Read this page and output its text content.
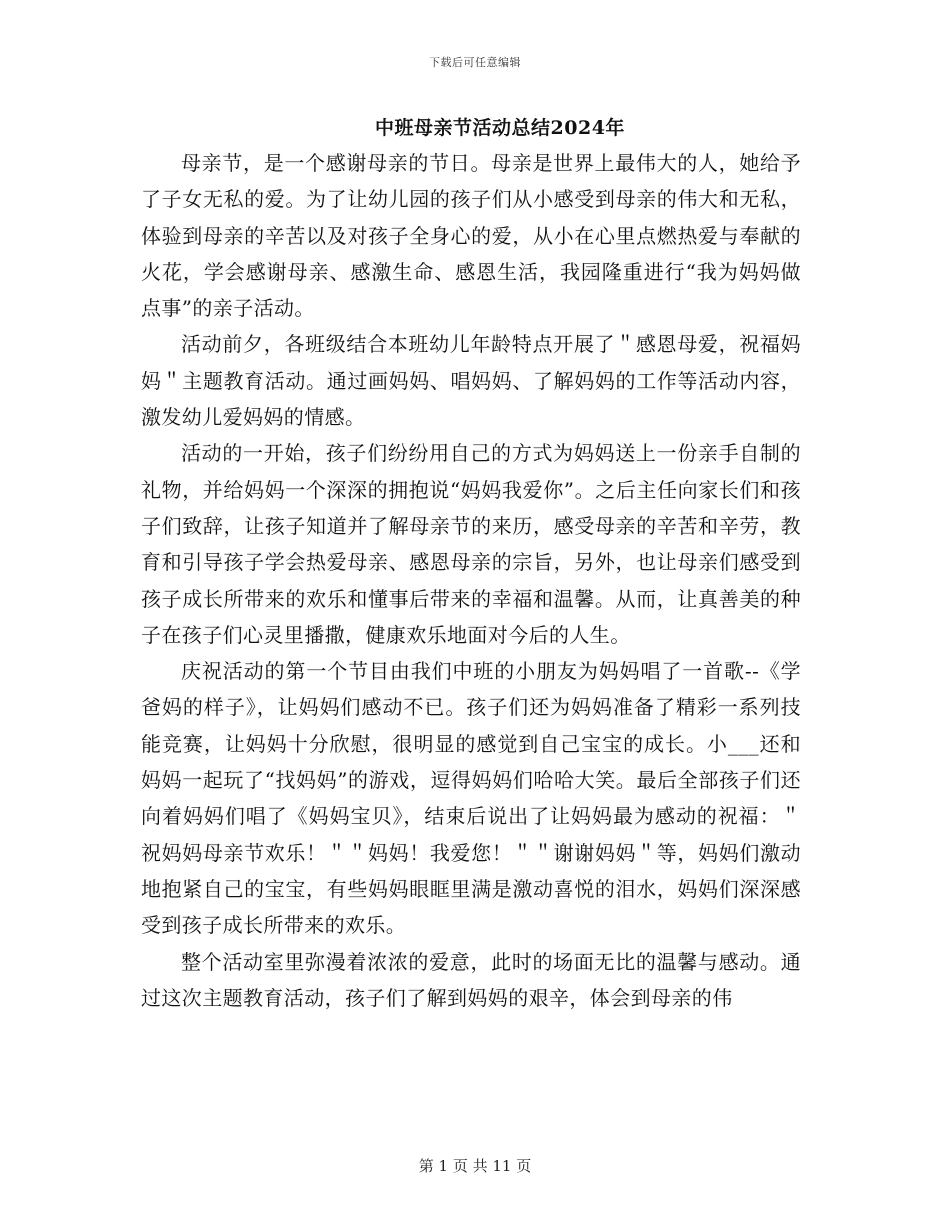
下载后可任意编辑
中班母亲节活动总结2024年

母亲节，是一个感谢母亲的节日。母亲是世界上最伟大的人，她给予了子女无私的爱。为了让幼儿园的孩子们从小感受到母亲的伟大和无私，体验到母亲的辛苦以及对孩子全身心的爱，从小在心里点燃热爱与奉献的火花，学会感谢母亲、感激生命、感恩生活，我园隆重进行“我为妈妈做点事”的亲子活动。

活动前夕，各班级结合本班幼儿年龄特点开展了＂感恩母爱，祝福妈妈＂主题教育活动。通过画妈妈、唱妈妈、了解妈妈的工作等活动内容，激发幼儿爱妈妈的情感。

活动的一开始，孩子们纷纷用自己的方式为妈妈送上一份亲手自制的礼物，并给妈妈一个深深的拥抱说“妈妈我爱你”。之后主任向家长们和孩子们致辞，让孩子知道并了解母亲节的来历，感受母亲的辛苦和辛劳，教育和引导孩子学会热爱母亲、感恩母亲的宗旨，另外，也让母亲们感受到孩子成长所带来的欢乐和懂事后带来的幸福和温馨。从而，让真善美的种子在孩子们心灵里播撒，健康欢乐地面对今后的人生。

庆祝活动的第一个节目由我们中班的小朋友为妈妈唱了一首歌--《学爸妈的样子》，让妈妈们感动不已。孩子们还为妈妈准备了精彩一系列技能竞赛，让妈妈十分欣慰，很明显的感觉到自己宝宝的成长。小___还和妈妈一起玩了“找妈妈”的游戏，逗得妈妈们哈哈大笑。最后全部孩子们还向着妈妈们唱了《妈妈宝贝》，结束后说出了让妈妈最为感动的祝福：＂祝妈妈母亲节欢乐！＂＂妈妈！我爱您！＂＂谢谢妈妈＂等，妈妈们激动地抱紧自己的宝宝，有些妈妈眼眶里满是激动喜悦的泪水，妈妈们深深感受到孩子成长所带来的欢乐。

整个活动室里弥漫着浓浓的爱意，此时的场面无比的温馨与感动。通过这次主题教育活动，孩子们了解到妈妈的艰辛，体会到母亲的伟

第 1 页 共 11 页
